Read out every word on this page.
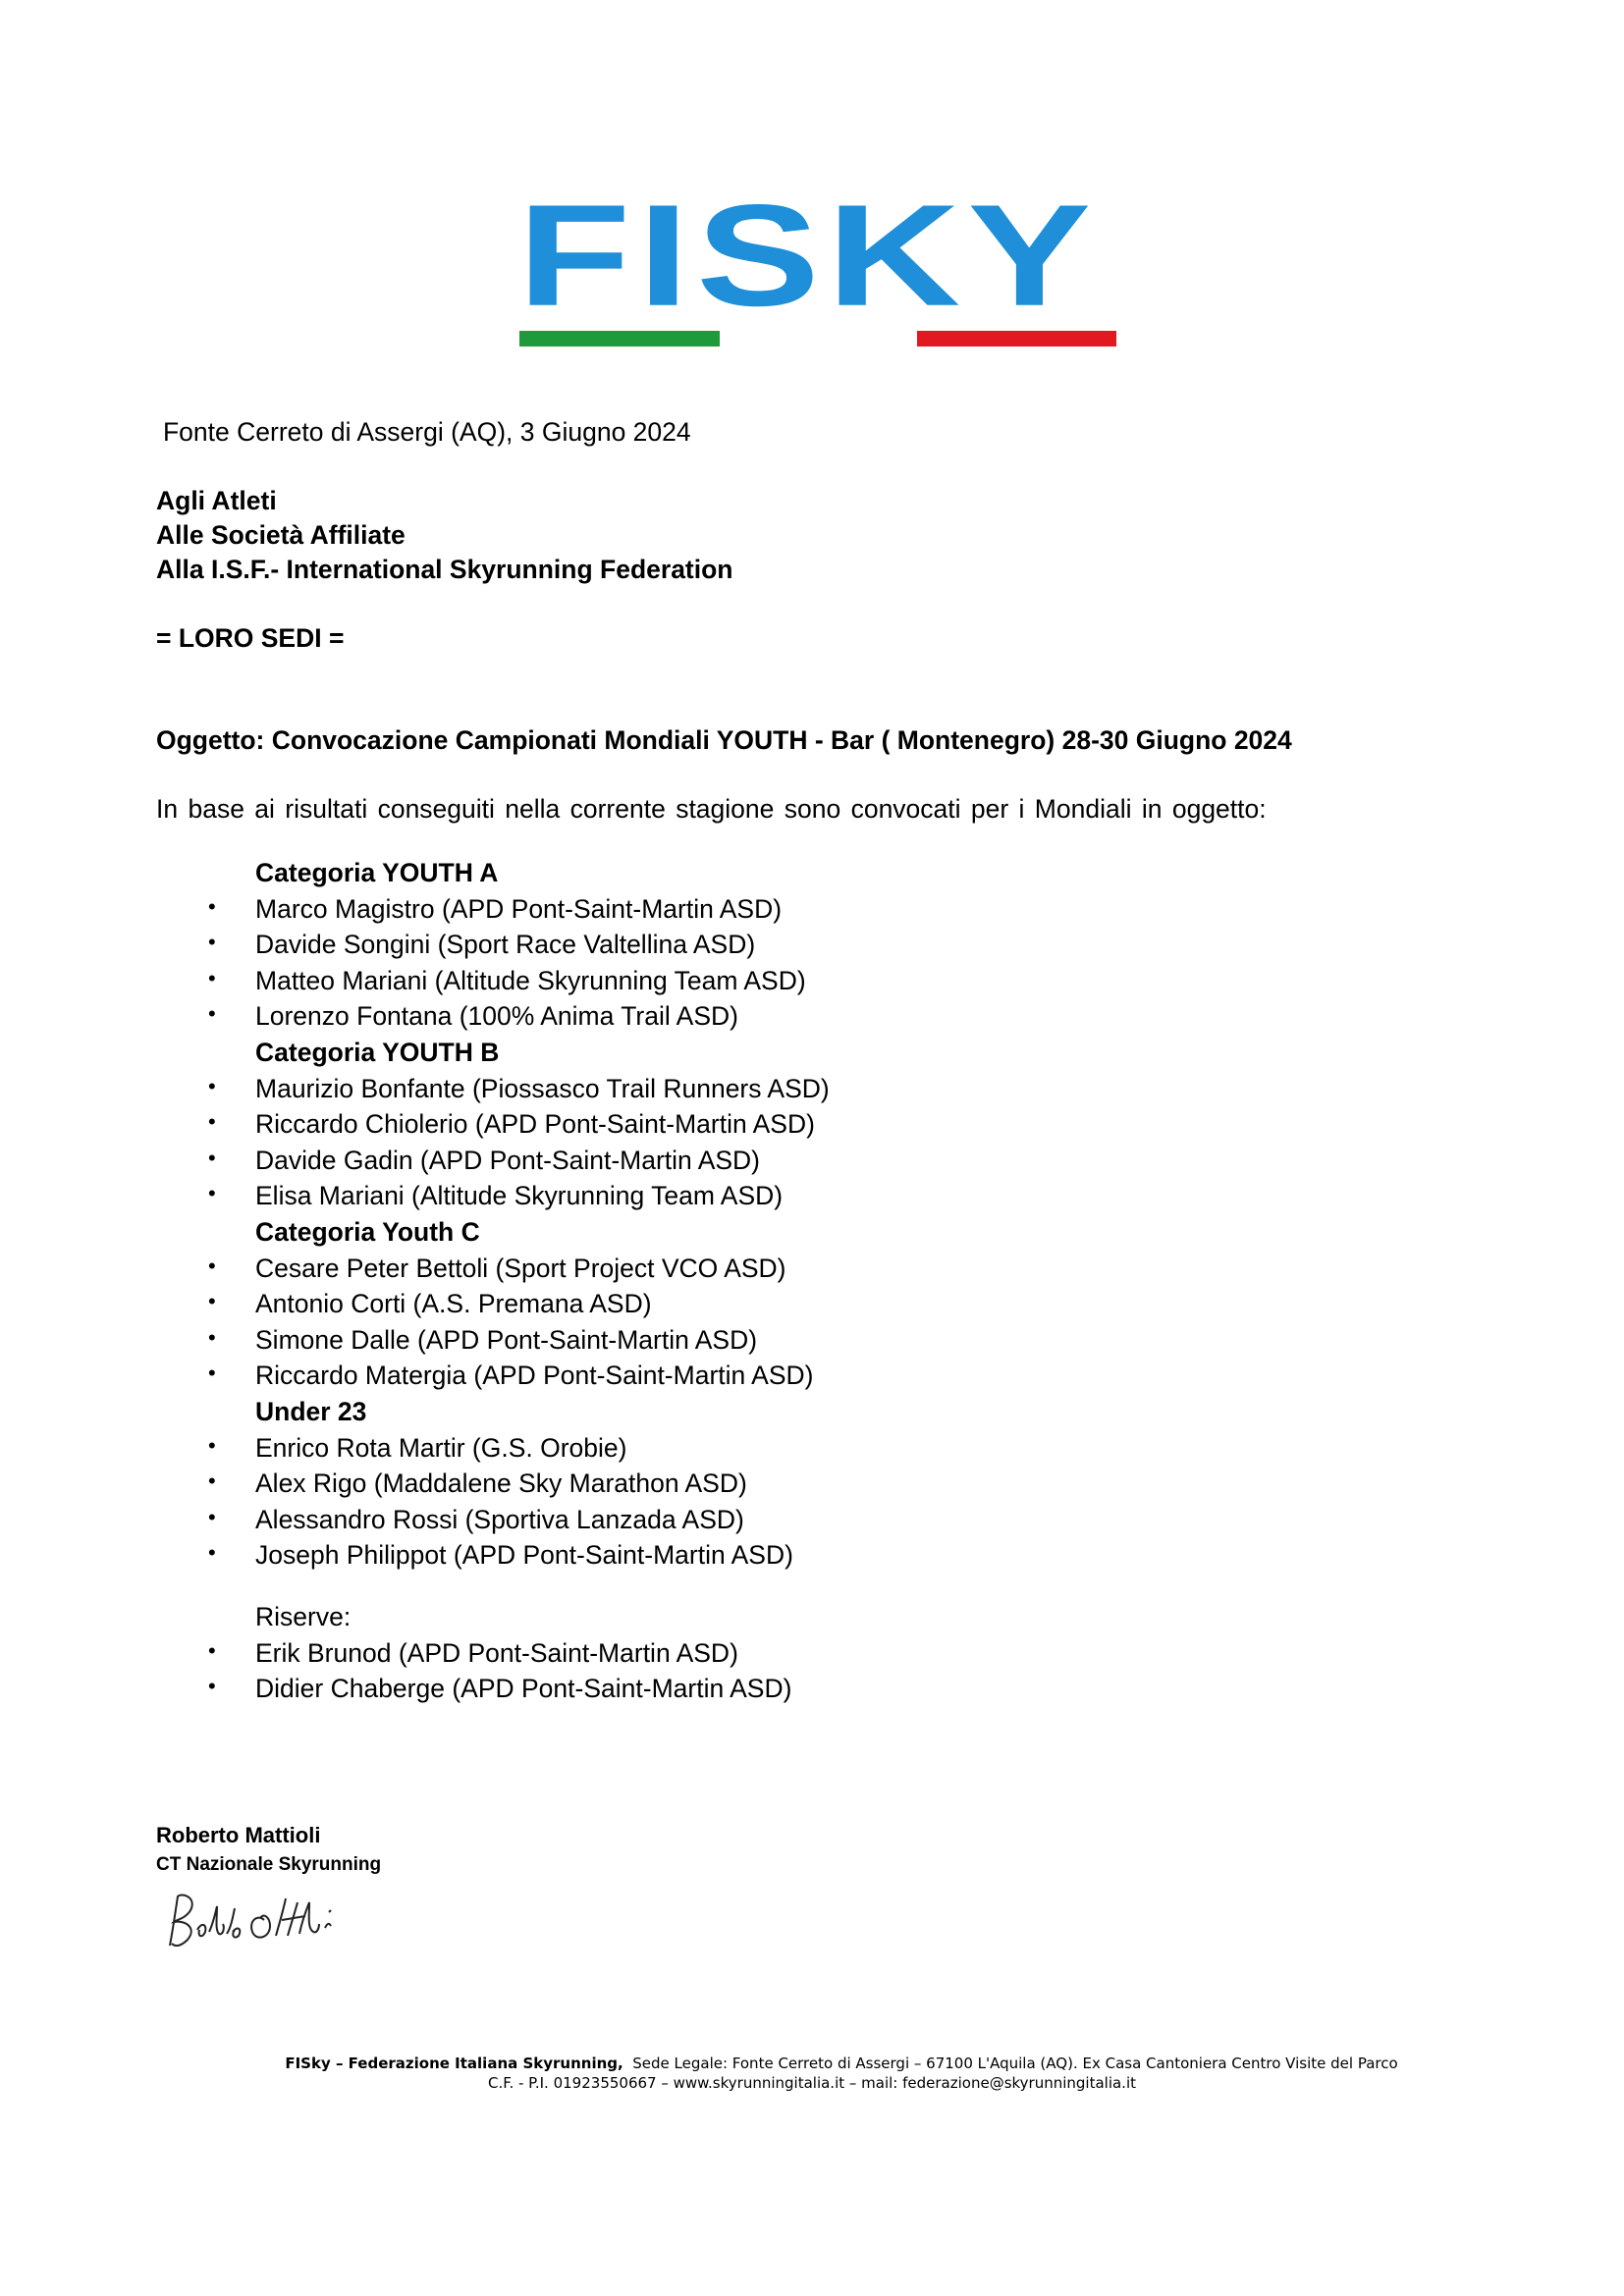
FISKY
Fonte Cerreto di Assergi (AQ), 3 Giugno 2024
Agli Atleti
Alle Società Affiliate
Alla I.S.F.- International Skyrunning Federation
= LORO SEDI =
Oggetto: Convocazione Campionati Mondiali YOUTH - Bar ( Montenegro) 28-30 Giugno 2024
In base ai risultati conseguiti nella corrente stagione sono convocati per i Mondiali in oggetto:
Categoria YOUTH A
• Marco Magistro (APD Pont-Saint-Martin ASD)
• Davide Songini (Sport Race Valtellina ASD)
• Matteo Mariani (Altitude Skyrunning Team ASD)
• Lorenzo Fontana (100% Anima Trail ASD)
Categoria YOUTH B
• Maurizio Bonfante (Piossasco Trail Runners ASD)
• Riccardo Chiolerio (APD Pont-Saint-Martin ASD)
• Davide Gadin (APD Pont-Saint-Martin ASD)
• Elisa Mariani (Altitude Skyrunning Team ASD)
Categoria Youth C
• Cesare Peter Bettoli (Sport Project VCO ASD)
• Antonio Corti (A.S. Premana ASD)
• Simone Dalle (APD Pont-Saint-Martin ASD)
• Riccardo Matergia (APD Pont-Saint-Martin ASD)
Under 23
• Enrico Rota Martir (G.S. Orobie)
• Alex Rigo (Maddalene Sky Marathon ASD)
• Alessandro Rossi (Sportiva Lanzada ASD)
• Joseph Philippot (APD Pont-Saint-Martin ASD)
Riserve:
• Erik Brunod (APD Pont-Saint-Martin ASD)
• Didier Chaberge (APD Pont-Saint-Martin ASD)
Roberto Mattioli
CT Nazionale Skyrunning
FISky – Federazione Italiana Skyrunning, Sede Legale: Fonte Cerreto di Assergi – 67100 L'Aquila (AQ). Ex Casa Cantoniera Centro Visite del Parco
C.F. - P.I. 01923550667 – www.skyrunningitalia.it – mail: federazione@skyrunningitalia.it
